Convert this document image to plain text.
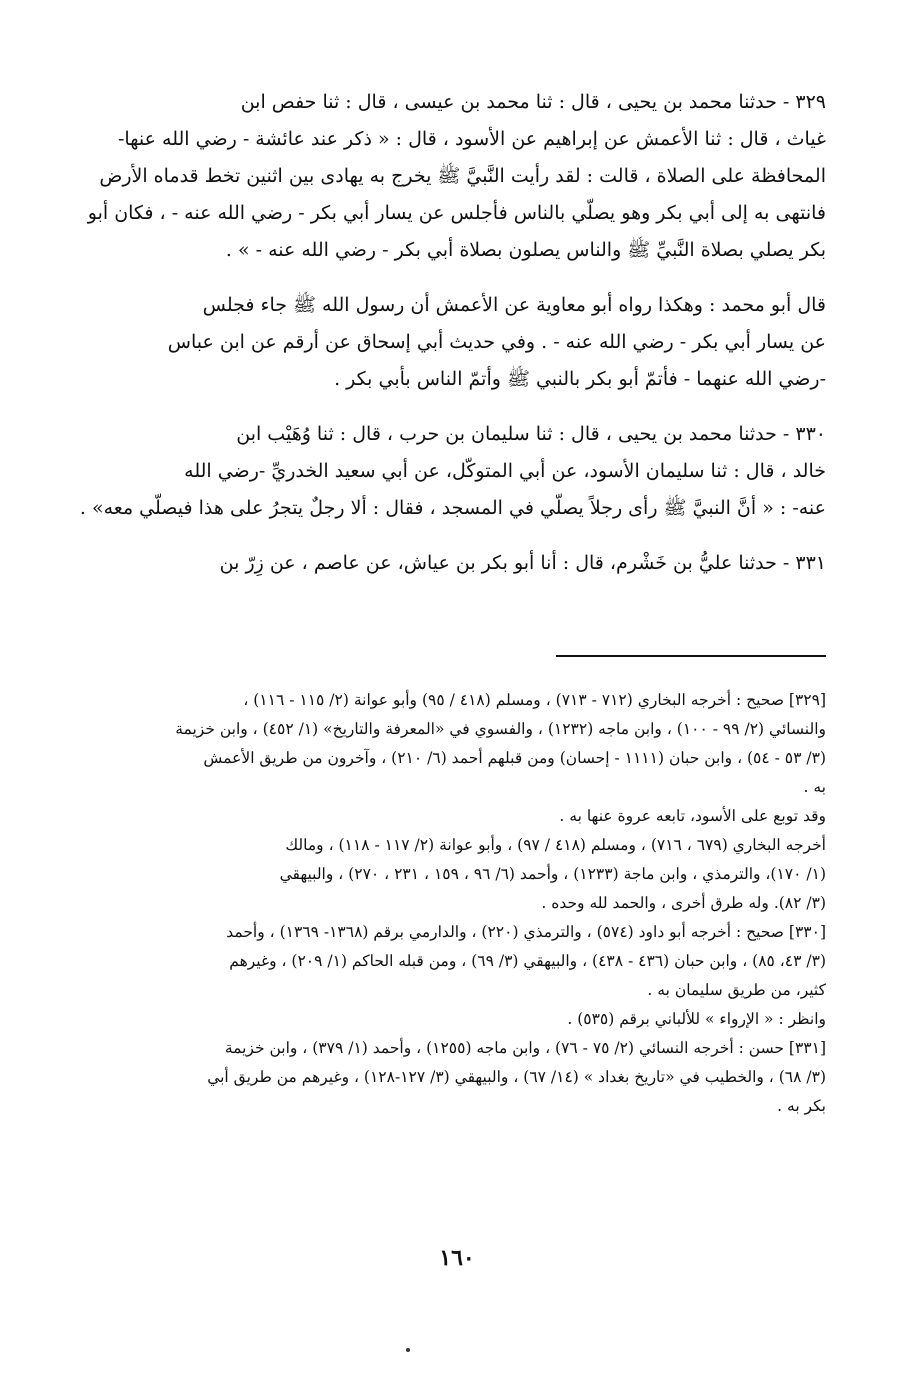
٣٢٩ - حدثنا محمد بن يحيى ، قال : ثنا محمد بن عيسى ، قال : ثنا حفص ابن
غياث ، قال : ثنا الأعمش عن إبراهيم عن الأسود ، قال : « ذكر عند عائشة - رضي الله عنها-
المحافظة على الصلاة ، قالت : لقد رأيت النَّبيَّ ﷺ يخرج به يهادى بين اثنين تخط قدماه الأرض
فانتهى به إلى أبي بكر وهو يصلّي بالناس فأجلس عن يسار أبي بكر - رضي الله عنه - ، فكان أبو
بكر يصلي بصلاة النَّبيِّ ﷺ والناس يصلون بصلاة أبي بكر - رضي الله عنه - » .

قال أبو محمد : وهكذا رواه أبو معاوية عن الأعمش أن رسول الله ﷺ جاء فجلس
عن يسار أبي بكر - رضي الله عنه - . وفي حديث أبي إسحاق عن أرقم عن ابن عباس
-رضي الله عنهما - فأتمّ أبو بكر بالنبي ﷺ وأتمّ الناس بأبي بكر .

٣٣٠ - حدثنا محمد بن يحيى ، قال : ثنا سليمان بن حرب ، قال : ثنا وُهَيْب ابن
خالد ، قال : ثنا سليمان الأسود، عن أبي المتوكّل، عن أبي سعيد الخدريِّ -رضي الله
عنه- : « أنَّ النبيَّ ﷺ رأى رجلاً يصلّي في المسجد ، فقال : ألا رجلٌ يتجرُ على هذا فيصلّي معه» .

٣٣١ - حدثنا عليُّ بن خَشْرم، قال : أنا أبو بكر بن عياش، عن عاصم ، عن زِرّ بن

[٣٢٩] صحيح : أخرجه البخاري (٧١٢ - ٧١٣) ، ومسلم (٤١٨ / ٩٥) وأبو عوانة (٢/ ١١٥ - ١١٦) ،
والنسائي (٢/ ٩٩ - ١٠٠) ، وابن ماجه (١٢٣٢) ، والفسوي في «المعرفة والتاريخ» (١/ ٤٥٢) ، وابن خزيمة
(٣/ ٥٣ - ٥٤) ، وابن حبان (١١١١ - إحسان) ومن قبلهم أحمد (٦/ ٢١٠) ، وآخرون من طريق الأعمش
به .
وقد توبع على الأسود، تابعه عروة عنها به .
أخرجه البخاري (٦٧٩ ، ٧١٦) ، ومسلم (٤١٨ / ٩٧) ، وأبو عوانة (٢/ ١١٧ - ١١٨) ، ومالك
(١/ ١٧٠)، والترمذي ، وابن ماجة (١٢٣٣) ، وأحمد (٦/ ٩٦ ، ١٥٩ ، ٢٣١ ، ٢٧٠) ، والبيهقي
(٣/ ٨٢). وله طرق أخرى ، والحمد لله وحده .
[٣٣٠] صحيح : أخرجه أبو داود (٥٧٤) ، والترمذي (٢٢٠) ، والدارمي برقم (١٣٦٨- ١٣٦٩) ، وأحمد
(٣/ ٤٣، ٨٥) ، وابن حبان (٤٣٦ - ٤٣٨) ، والبيهقي (٣/ ٦٩) ، ومن قبله الحاكم (١/ ٢٠٩) ، وغيرهم
كثير، من طريق سليمان به .
وانظر : « الإرواء » للألباني برقم (٥٣٥) .
[٣٣١] حسن : أخرجه النسائي (٢/ ٧٥ - ٧٦) ، وابن ماجه (١٢٥٥) ، وأحمد (١/ ٣٧٩) ، وابن خزيمة
(٣/ ٦٨) ، والخطيب في «تاريخ بغداد » (١٤/ ٦٧) ، والبيهقي (٣/ ١٢٧-١٢٨) ، وغيرهم من طريق أبي
بكر به .
١٦٠
